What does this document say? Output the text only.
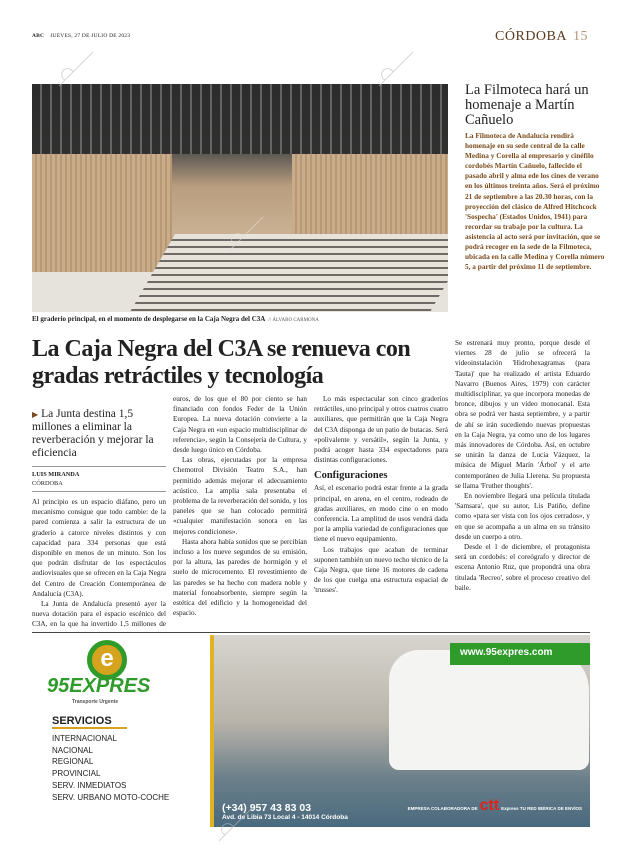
ABC JUEVES, 27 DE JULIO DE 2023	CÓRDOBA 15
El graderio principal, en el momento de desplegarse en la Caja Negra del C3A // ÁLVARO CARMONA
La Filmoteca hará un homenaje a Martín Cañuelo
La Filmoteca de Andalucía rendirá homenaje en su sede central de la calle Medina y Corella al empresario y cinéfilo cordobés Martín Cañuelo, fallecido el pasado abril y alma ede los cines de verano en los últimos treinta años. Será el próximo 21 de septiembre a las 20.30 horas, con la proyección del clásico de Alfred Hitchcock 'Sospecha' (Estados Unidos, 1941) para recordar su trabajo por la cultura. La asistencia al acto será por invitación, que se podrá recoger en la sede de la Filmoteca, ubicada en la calle Medina y Corella número 5, a partir del próximo 11 de septiembre.
La Caja Negra del C3A se renueva con gradas retráctiles y tecnología
▶ La Junta destina 1,5 millones a eliminar la reverberación y mejorar la eficiencia
LUIS MIRANDA
CÓRDOBA

Al principio es un espacio diáfano, pero un mecanismo consigue que todo cambie: de la pared comienza a salir la estructura de un graderío a catorce niveles distintos y con capacidad para 334 personas que está disponible en menos de un minuto. Son los que podrán disfrutar de los espectáculos audiovisuales que se ofrecen en la Caja Negra del Centro de Creación Contemporánea de Andalucía (C3A).

La Junta de Andalucía presentó ayer la nueva dotación para el espacio escénico del C3A, en la que ha invertido 1,5 millones de euros, de los que el 80 por ciento se han financiado con fondos Feder de la Unión Europea. La nueva dotación convierte a la Caja Negra en «un espacio multidisciplinar de referencia», según la Consejería de Cultura, y desde luego único en Córdoba.

Las obras, ejecutadas por la empresa Chemotrol División Teatro S.A., han permitido además mejorar el adecuamiento acústico. La amplia sala presentaba el problema de la reverberación del sonido, y los paneles que se han colocado permitirá «cualquier manifestación sonora en las mejores condiciones».

Hasta ahora había sonidos que se percibían incluso a los nueve segundos de su emisión, por la altura, las paredes de hormigón y el suelo de microcemento. El revestimiento de las paredes se ha hecho con madera noble y material fonoabsorbente, siempre según la estética del edificio y la homogeneidad del espacio.

Lo más espectacular son cinco graderíos retráctiles, uno principal y otros cuatros cuatro auxiliares, que permitirán que la Caja Negra del C3A disponga de un patio de butacas. Será «polivalente y versátil», según la Junta, y podrá acoger hasta 334 espectadores para distintas configuraciones.

Configuraciones

Así, el escenario podrá estar frente a la grada principal, en arena, en el centro, rodeado de gradas auxiliares, en modo cine o en modo conferencia. La amplitud de usos vendrá dada por la amplia variedad de configuraciones que tiene el nuevo equipamiento.

Los trabajos que acaban de terminar suponen también un nuevo techo técnico de la Caja Negra, que tiene 16 motores de cadena de los que cuelga una estructura espacial de 'trusses'.

Se estrenará muy pronto, porque desde el viernes 28 de julio se ofrecerá la videoinstalación 'Hidrohexagramas (para Tauta)' que ha realizado el artista Eduardo Navarro (Buenos Aires, 1979) con carácter multidisciplinar, ya que incorpora monedas de bronce, dibujos y un vídeo monocanal. Esta obra se podrá ver hasta septiembre, y a partir de ahí se irán sucediendo nuevas propuestas en la Caja Negra, ya como uno de los lugares más innovadores de Córdoba. Así, en octubre se unirán la danza de Lucía Vázquez, la música de Miguel Marín 'Árbol' y el arte contemporáneo de Julia Llerena. Su propuesta se llama 'Fruther thoughts'.

En noviembre llegará una película titulada 'Samsara', que su autor, Lis Patiño, define como «para ser vista con los ojos cerrados», y en que se acompaña a un alma en su tránsito desde un cuerpo a otro.

Desde el 1 de diciembre, el protagonista será un cordobés: el coreógrafo y director de escena Antonio Ruz, que propondrá una obra titulada 'Recreo', sobre el proceso creativo del baile.

e
95EXPRES
Transporte Urgente
SERVICIOS
INTERNACIONAL
NACIONAL
REGIONAL
PROVINCIAL
SERV. INMEDIATOS
SERV. URBANO MOTO-COCHE
www.95expres.com
(+34) 957 43 83 03
Avd. de Libia 73 Local 4 - 14014 Córdoba
EMPRESA COLABORADORA DE ctt Express TU RED IBÉRICA DE ENVÍOS
